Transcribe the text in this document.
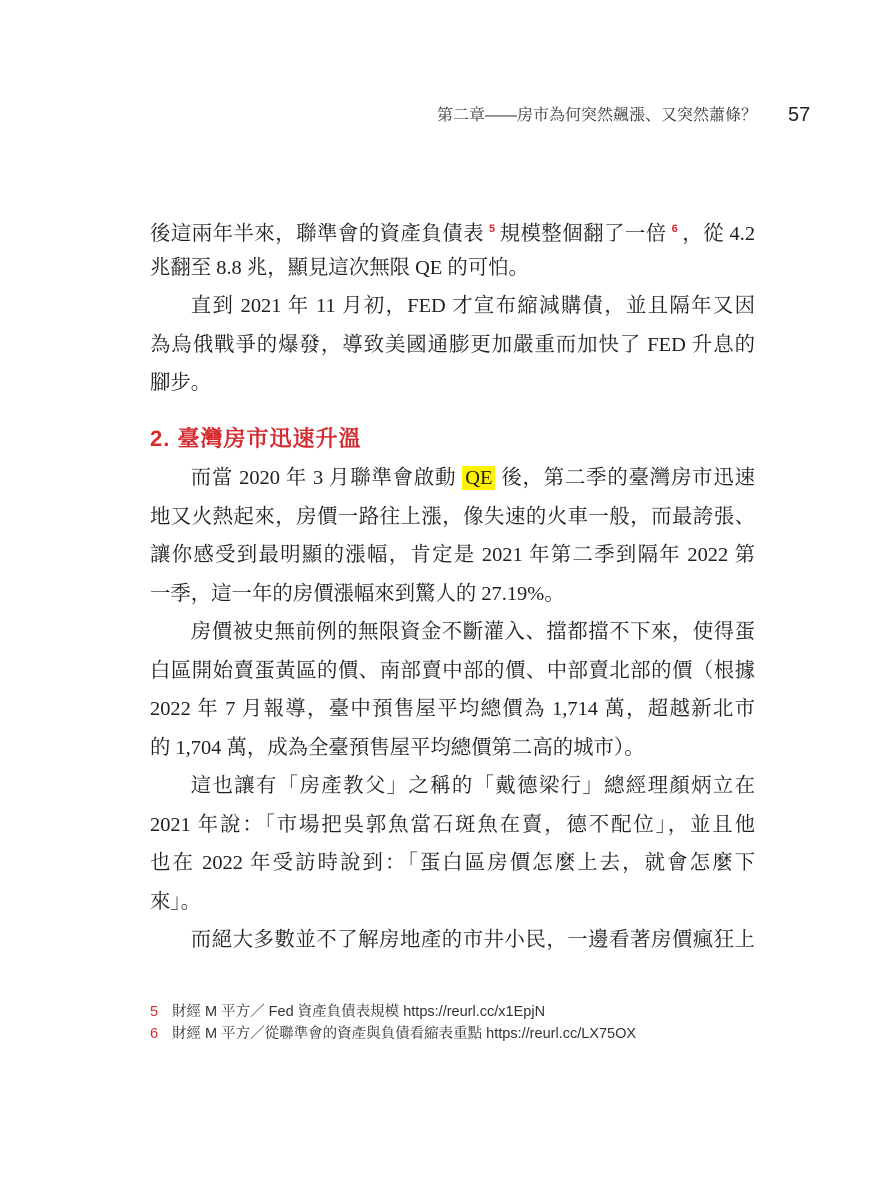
第二章——房市為何突然飆漲、又突然蕭條？ 57
後這兩年半來，聯準會的資產負債表 $^5$ 規模整個翻了一倍 $^6$ ，從 4.2
兆翻至 8.8 兆，顯見這次無限 QE 的可怕。
直到 2021 年 11 月初，FED 才宣布縮減購債，並且隔年又因
為烏俄戰爭的爆發，導致美國通膨更加嚴重而加快了 FED 升息的
腳步。
2. 臺灣房市迅速升溫
而當 2020 年 3 月聯準會啟動 QE 後，第二季的臺灣房市迅速
地又火熱起來，房價一路往上漲，像失速的火車一般，而最誇張、
讓你感受到最明顯的漲幅，肯定是 2021 年第二季到隔年 2022 第
一季，這一年的房價漲幅來到驚人的 27.19%。
房價被史無前例的無限資金不斷灌入、擋都擋不下來，使得蛋
白區開始賣蛋黃區的價、南部賣中部的價、中部賣北部的價（根據
2022 年 7 月報導，臺中預售屋平均總價為 1,714 萬，超越新北市
的 1,704 萬，成為全臺預售屋平均總價第二高的城市）。
這也讓有「房產教父」之稱的「戴德梁行」總經理顏炳立在
2021 年說：「市場把吳郭魚當石斑魚在賣，德不配位」，並且他
也在 2022 年受訪時說到：「蛋白區房價怎麼上去，就會怎麼下
來」。
而絕大多數並不了解房地產的市井小民，一邊看著房價瘋狂上
5 財經 M 平方／ Fed 資產負債表規模 https://reurl.cc/x1EpjN
6 財經 M 平方／從聯準會的資產與負債看縮表重點 https://reurl.cc/LX75OX
